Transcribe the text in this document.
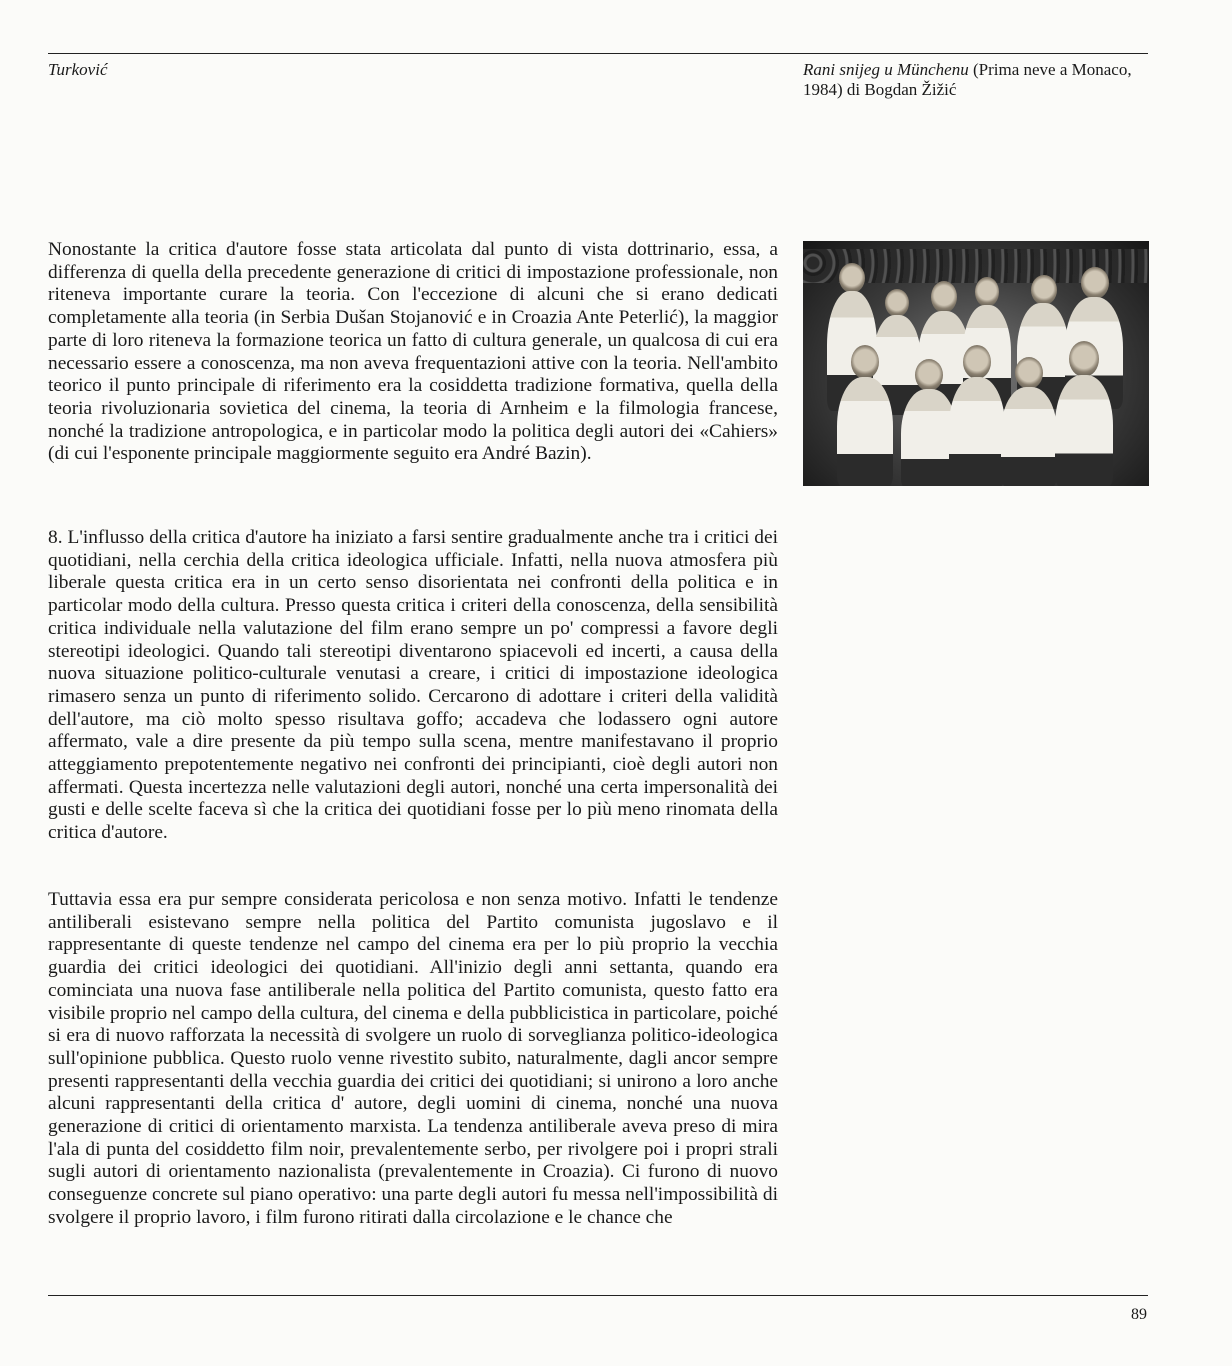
Turković	Rani snijeg u Münchenu (Prima neve a Monaco, 1984) di Bogdan Žižić

Nonostante la critica d'autore fosse stata articolata dal punto di vista dottrinario, essa, a differenza di quella della precedente generazione di critici di impostazione professionale, non riteneva importante curare la teoria. Con l'eccezione di alcuni che si erano dedicati completamente alla teoria (in Serbia Dušan Stojanović e in Croazia Ante Peterlić), la maggior parte di loro riteneva la formazione teorica un fatto di cultura generale, un qualcosa di cui era necessario essere a conoscenza, ma non aveva frequentazioni attive con la teoria. Nell'ambito teorico il punto principale di riferimento era la cosiddetta tradizione formativa, quella della teoria rivoluzionaria sovietica del cinema, la teoria di Arnheim e la filmologia francese, nonché la tradizione antropologica, e in particolar modo la politica degli autori dei «Cahiers» (di cui l'esponente principale maggiormente seguito era André Bazin).

8. L'influsso della critica d'autore ha iniziato a farsi sentire gradualmente anche tra i critici dei quotidiani, nella cerchia della critica ideologica ufficiale. Infatti, nella nuova atmosfera più liberale questa critica era in un certo senso disorientata nei confronti della politica e in particolar modo della cultura. Presso questa critica i criteri della conoscenza, della sensibilità critica individuale nella valutazione del film erano sempre un po' compressi a favore degli stereotipi ideologici. Quando tali stereotipi diventarono spiacevoli ed incerti, a causa della nuova situazione politico-culturale venutasi a creare, i critici di impostazione ideologica rimasero senza un punto di riferimento solido. Cercarono di adottare i criteri della validità dell'autore, ma ciò molto spesso risultava goffo; accadeva che lodassero ogni autore affermato, vale a dire presente da più tempo sulla scena, mentre manifestavano il proprio atteggiamento prepotentemente negativo nei confronti dei principianti, cioè degli autori non affermati. Questa incertezza nelle valutazioni degli autori, nonché una certa impersonalità dei gusti e delle scelte faceva sì che la critica dei quotidiani fosse per lo più meno rinomata della critica d'autore.

Tuttavia essa era pur sempre considerata pericolosa e non senza motivo. Infatti le tendenze antiliberali esistevano sempre nella politica del Partito comunista jugoslavo e il rappresentante di queste tendenze nel campo del cinema era per lo più proprio la vecchia guardia dei critici ideologici dei quotidiani. All'inizio degli anni settanta, quando era cominciata una nuova fase antiliberale nella politica del Partito comunista, questo fatto era visibile proprio nel campo della cultura, del cinema e della pubblicistica in particolare, poiché si era di nuovo rafforzata la necessità di svolgere un ruolo di sorveglianza politico-ideologica sull'opinione pubblica. Questo ruolo venne rivestito subito, naturalmente, dagli ancor sempre presenti rappresentanti della vecchia guardia dei critici dei quotidiani; si unirono a loro anche alcuni rappresentanti della critica d' autore, degli uomini di cinema, nonché una nuova generazione di critici di orientamento marxista. La tendenza antiliberale aveva preso di mira l'ala di punta del cosiddetto film noir, prevalentemente serbo, per rivolgere poi i propri strali sugli autori di orientamento nazionalista (prevalentemente in Croazia). Ci furono di nuovo conseguenze concrete sul piano operativo: una parte degli autori fu messa nell'impossibilità di svolgere il proprio lavoro, i film furono ritirati dalla circolazione e le chance che

89
